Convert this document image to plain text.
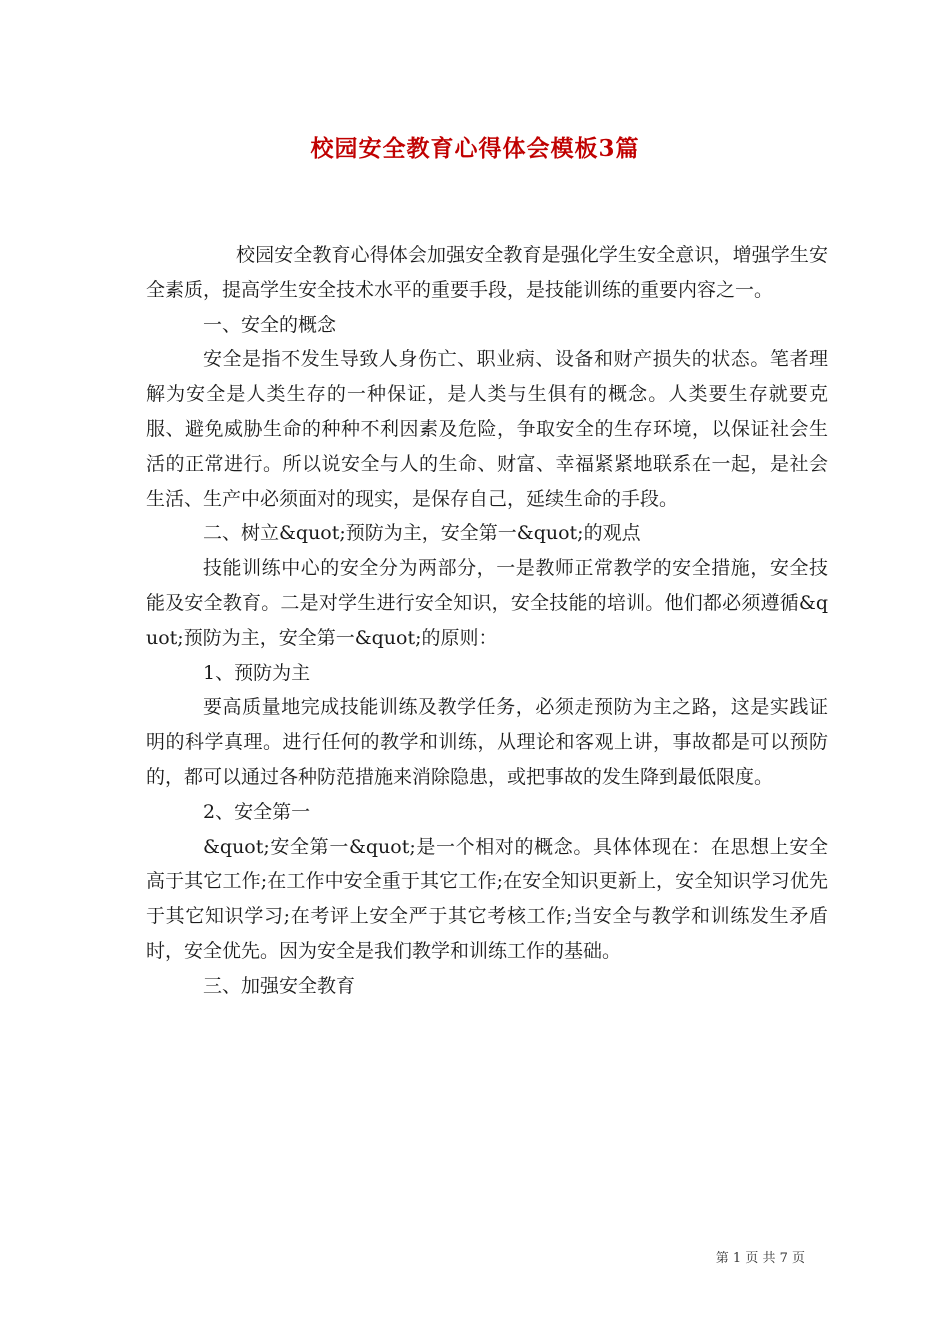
校园安全教育心得体会模板3篇

校园安全教育心得体会加强安全教育是强化学生安全意识，增强学生安全素质，提高学生安全技术水平的重要手段，是技能训练的重要内容之一。

一、安全的概念

安全是指不发生导致人身伤亡、职业病、设备和财产损失的状态。笔者理解为安全是人类生存的一种保证，是人类与生俱有的概念。人类要生存就要克服、避免威胁生命的种种不利因素及危险，争取安全的生存环境，以保证社会生活的正常进行。所以说安全与人的生命、财富、幸福紧紧地联系在一起，是社会生活、生产中必须面对的现实，是保存自己，延续生命的手段。

二、树立&quot;预防为主，安全第一&quot;的观点

技能训练中心的安全分为两部分，一是教师正常教学的安全措施，安全技能及安全教育。二是对学生进行安全知识，安全技能的培训。他们都必须遵循&quot;预防为主，安全第一&quot;的原则：

1、预防为主

要高质量地完成技能训练及教学任务，必须走预防为主之路，这是实践证明的科学真理。进行任何的教学和训练，从理论和客观上讲，事故都是可以预防的，都可以通过各种防范措施来消除隐患，或把事故的发生降到最低限度。

2、安全第一

&quot;安全第一&quot;是一个相对的概念。具体体现在：在思想上安全高于其它工作;在工作中安全重于其它工作;在安全知识更新上，安全知识学习优先于其它知识学习;在考评上安全严于其它考核工作;当安全与教学和训练发生矛盾时，安全优先。因为安全是我们教学和训练工作的基础。

三、加强安全教育

第 1 页 共 7 页
